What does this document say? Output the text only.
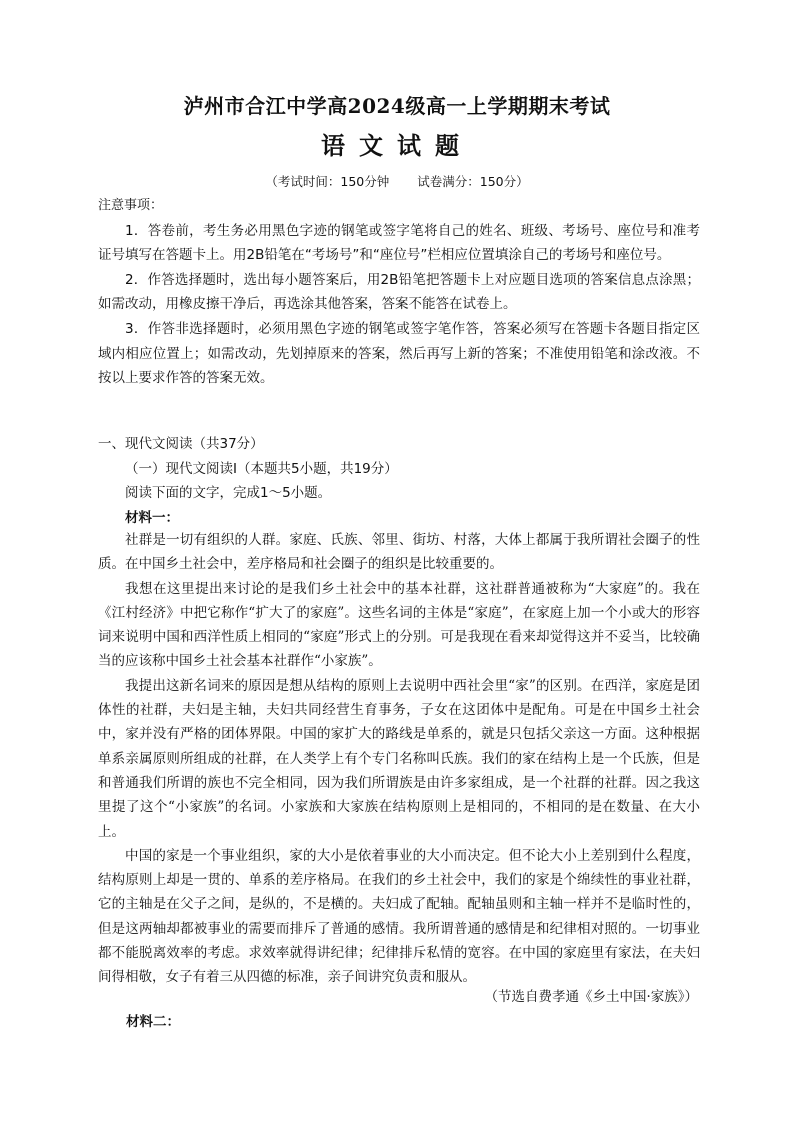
泸州市合江中学高2024级高一上学期期末考试
语文试题
（考试时间：150分钟 试卷满分：150分）

注意事项：

1．答卷前，考生务必用黑色字迹的钢笔或签字笔将自己的姓名、班级、考场号、座位号和准考证号填写在答题卡上。用2B铅笔在“考场号”和“座位号”栏相应位置填涂自己的考场号和座位号。

2．作答选择题时，选出每小题答案后，用2B铅笔把答题卡上对应题目选项的答案信息点涂黑；如需改动，用橡皮擦干净后，再选涂其他答案，答案不能答在试卷上。

3．作答非选择题时，必须用黑色字迹的钢笔或签字笔作答，答案必须写在答题卡各题目指定区域内相应位置上；如需改动，先划掉原来的答案，然后再写上新的答案；不准使用铅笔和涂改液。不按以上要求作答的答案无效。

一、现代文阅读（共37分）

（一）现代文阅读Ⅰ（本题共5小题，共19分）

阅读下面的文字，完成1～5小题。

材料一：

社群是一切有组织的人群。家庭、氏族、邻里、街坊、村落，大体上都属于我所谓社会圈子的性质。在中国乡土社会中，差序格局和社会圈子的组织是比较重要的。

我想在这里提出来讨论的是我们乡土社会中的基本社群，这社群普通被称为“大家庭”的。我在《江村经济》中把它称作“扩大了的家庭”。这些名词的主体是“家庭”，在家庭上加一个小或大的形容词来说明中国和西洋性质上相同的“家庭”形式上的分别。可是我现在看来却觉得这并不妥当，比较确当的应该称中国乡土社会基本社群作“小家族”。

我提出这新名词来的原因是想从结构的原则上去说明中西社会里“家”的区别。在西洋，家庭是团体性的社群，夫妇是主轴，夫妇共同经营生育事务，子女在这团体中是配角。可是在中国乡土社会中，家并没有严格的团体界限。中国的家扩大的路线是单系的，就是只包括父亲这一方面。这种根据单系亲属原则所组成的社群，在人类学上有个专门名称叫氏族。我们的家在结构上是一个氏族，但是和普通我们所谓的族也不完全相同，因为我们所谓族是由许多家组成，是一个社群的社群。因之我这里提了这个“小家族”的名词。小家族和大家族在结构原则上是相同的，不相同的是在数量、在大小上。

中国的家是一个事业组织，家的大小是依着事业的大小而决定。但不论大小上差别到什么程度，结构原则上却是一贯的、单系的差序格局。在我们的乡土社会中，我们的家是个绵续性的事业社群，它的主轴是在父子之间，是纵的，不是横的。夫妇成了配轴。配轴虽则和主轴一样并不是临时性的，但是这两轴却都被事业的需要而排斥了普通的感情。我所谓普通的感情是和纪律相对照的。一切事业都不能脱离效率的考虑。求效率就得讲纪律；纪律排斥私情的宽容。在中国的家庭里有家法，在夫妇间得相敬，女子有着三从四德的标准，亲子间讲究负责和服从。

（节选自费孝通《乡土中国·家族》）
材料二：
